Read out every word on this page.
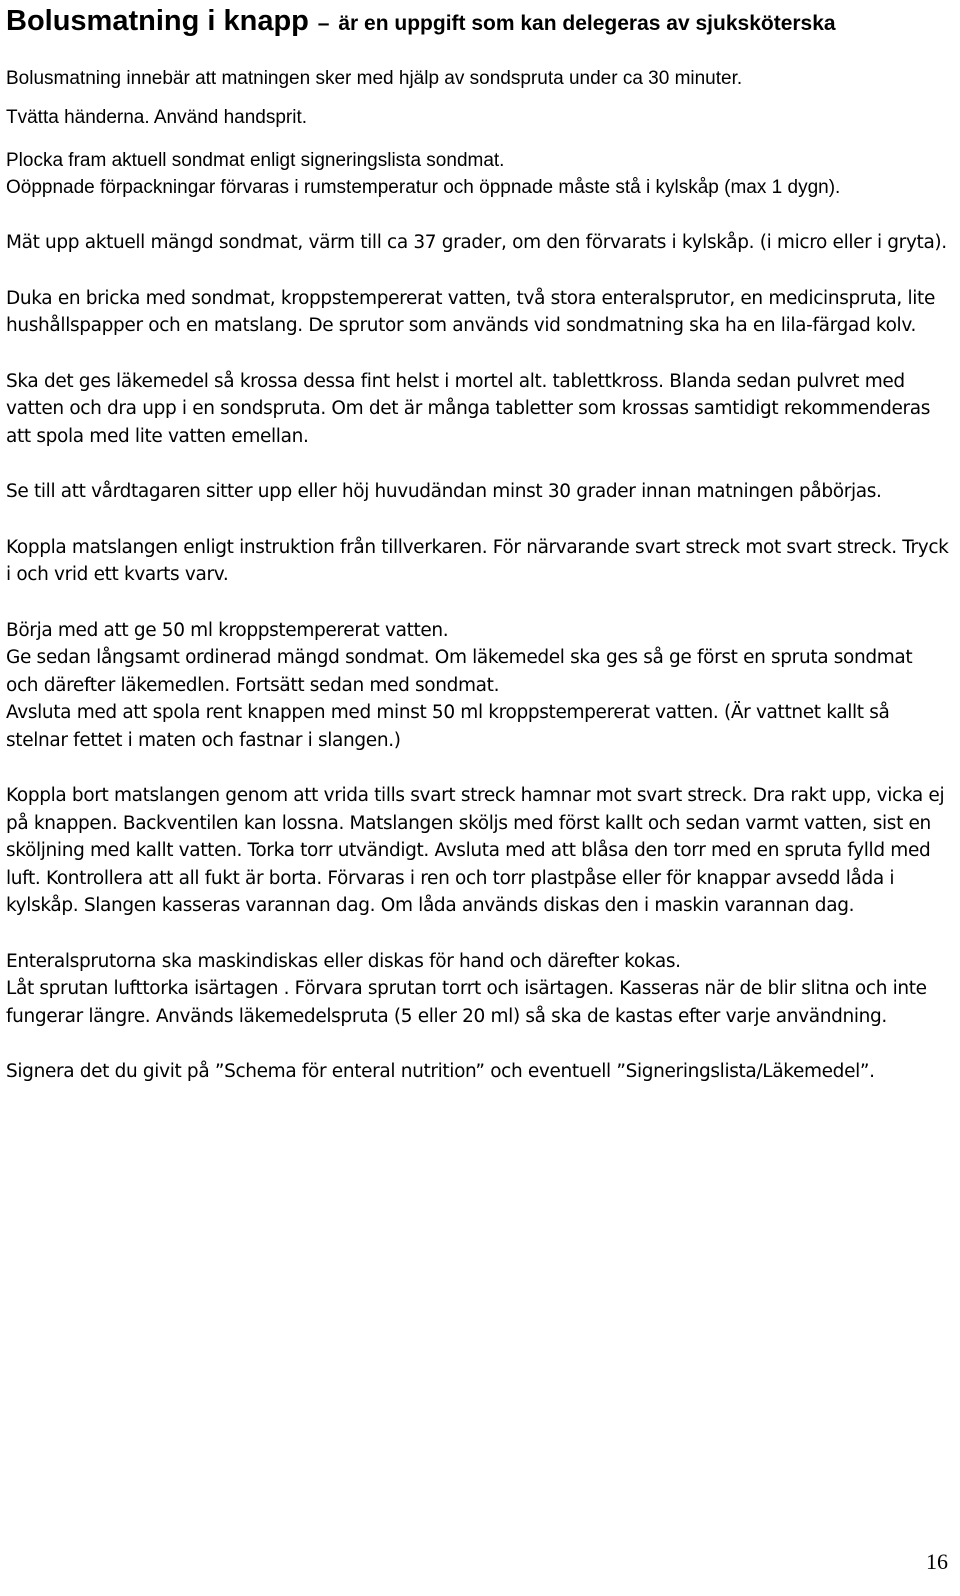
Bolusmatning i knapp – är en uppgift som kan delegeras av sjuksköterska

Bolusmatning innebär att matningen sker med hjälp av sondspruta under ca 30 minuter.

Tvätta händerna. Använd handsprit.

Plocka fram aktuell sondmat enligt signeringslista sondmat.
Oöppnade förpackningar förvaras i rumstemperatur och öppnade måste stå i kylskåp (max 1 dygn).

Mät upp aktuell mängd sondmat, värm till ca 37 grader, om den förvarats i kylskåp. (i micro eller i gryta).

Duka en bricka med sondmat, kroppstempererat vatten, två stora enteralsprutor, en medicinspruta, lite hushållspapper och en matslang. De sprutor som används vid sondmatning ska ha en lila-färgad kolv.

Ska det ges läkemedel så krossa dessa fint helst i mortel alt. tablettkross. Blanda sedan pulvret med vatten och dra upp i en sondspruta. Om det är många tabletter som krossas samtidigt rekommenderas att spola med lite vatten emellan.

Se till att vårdtagaren sitter upp eller höj huvudändan minst 30 grader innan matningen påbörjas.

Koppla matslangen enligt instruktion från tillverkaren. För närvarande svart streck mot svart streck. Tryck i och vrid ett kvarts varv.

Börja med att ge 50 ml kroppstempererat vatten.
Ge sedan långsamt ordinerad mängd sondmat. Om läkemedel ska ges så ge först en spruta sondmat och därefter läkemedlen. Fortsätt sedan med sondmat.
Avsluta med att spola rent knappen med minst 50 ml kroppstempererat vatten. (Är vattnet kallt så stelnar fettet i maten och fastnar i slangen.)

Koppla bort matslangen genom att vrida tills svart streck hamnar mot svart streck. Dra rakt upp, vicka ej på knappen. Backventilen kan lossna. Matslangen sköljs med först kallt och sedan varmt vatten, sist en sköljning med kallt vatten. Torka torr utvändigt. Avsluta med att blåsa den torr med en spruta fylld med luft. Kontrollera att all fukt är borta. Förvaras i ren och torr plastpåse eller för knappar avsedd låda i kylskåp. Slangen kasseras varannan dag. Om låda används diskas den i maskin varannan dag.

Enteralsprutorna ska maskindiskas eller diskas för hand och därefter kokas.
Låt sprutan lufttorka isärtagen . Förvara sprutan torrt och isärtagen. Kasseras när de blir slitna och inte fungerar längre. Används läkemedelspruta (5 eller 20 ml) så ska de kastas efter varje användning.

Signera det du givit på ”Schema för enteral nutrition” och eventuell ”Signeringslista/Läkemedel”.

16
